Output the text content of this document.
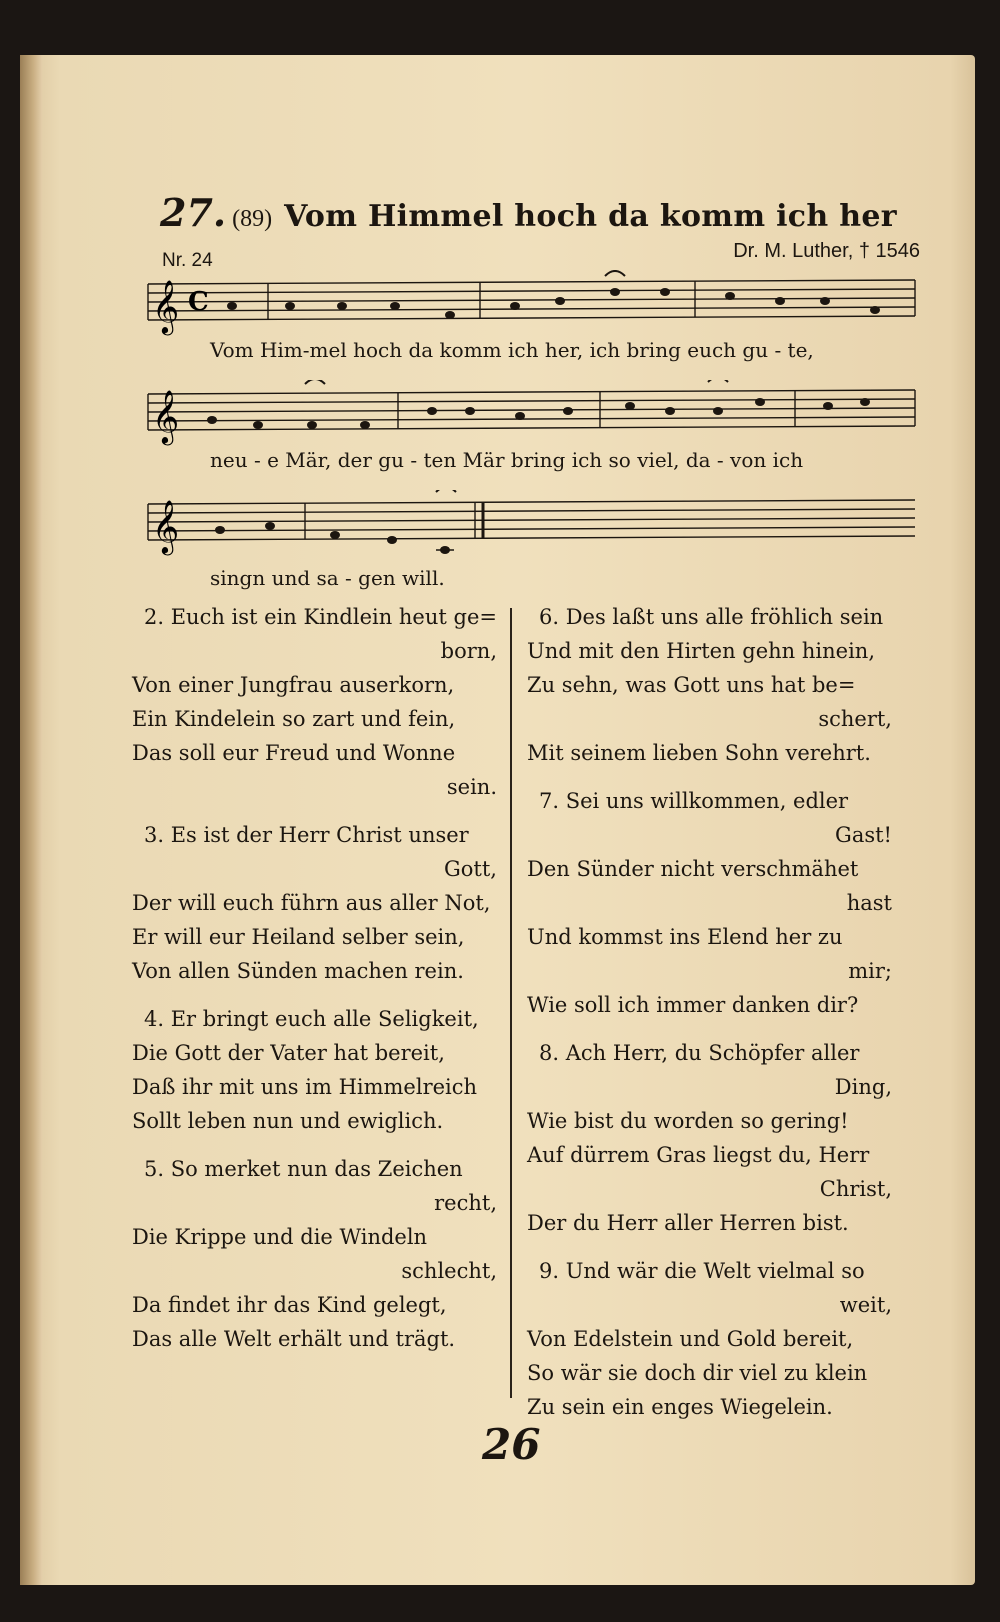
27. (89) Vom Himmel hoch da komm ich her
Nr. 24	Dr. M. Luther, † 1546
𝄞 C
Vom Him-mel hoch da komm ich her, ich bring euch gu - te,
𝄞
neu - e Mär, der gu - ten Mär bring ich so viel, da - von ich
𝄞
singn und sa - gen will.
2. Euch ist ein Kindlein heut ge=
born,
Von einer Jungfrau auserkorn,
Ein Kindelein so zart und fein,
Das soll eur Freud und Wonne
sein.
3. Es ist der Herr Christ unser
Gott,
Der will euch führn aus aller Not,
Er will eur Heiland selber sein,
Von allen Sünden machen rein.
4. Er bringt euch alle Seligkeit,
Die Gott der Vater hat bereit,
Daß ihr mit uns im Himmelreich
Sollt leben nun und ewiglich.
5. So merket nun das Zeichen
recht,
Die Krippe und die Windeln
schlecht,
Da findet ihr das Kind gelegt,
Das alle Welt erhält und trägt.
6. Des laßt uns alle fröhlich sein
Und mit den Hirten gehn hinein,
Zu sehn, was Gott uns hat be=
schert,
Mit seinem lieben Sohn verehrt.
7. Sei uns willkommen, edler
Gast!
Den Sünder nicht verschmähet
hast
Und kommst ins Elend her zu
mir;
Wie soll ich immer danken dir?
8. Ach Herr, du Schöpfer aller
Ding,
Wie bist du worden so gering!
Auf dürrem Gras liegst du, Herr
Christ,
Der du Herr aller Herren bist.
9. Und wär die Welt vielmal so
weit,
Von Edelstein und Gold bereit,
So wär sie doch dir viel zu klein
Zu sein ein enges Wiegelein.
26
